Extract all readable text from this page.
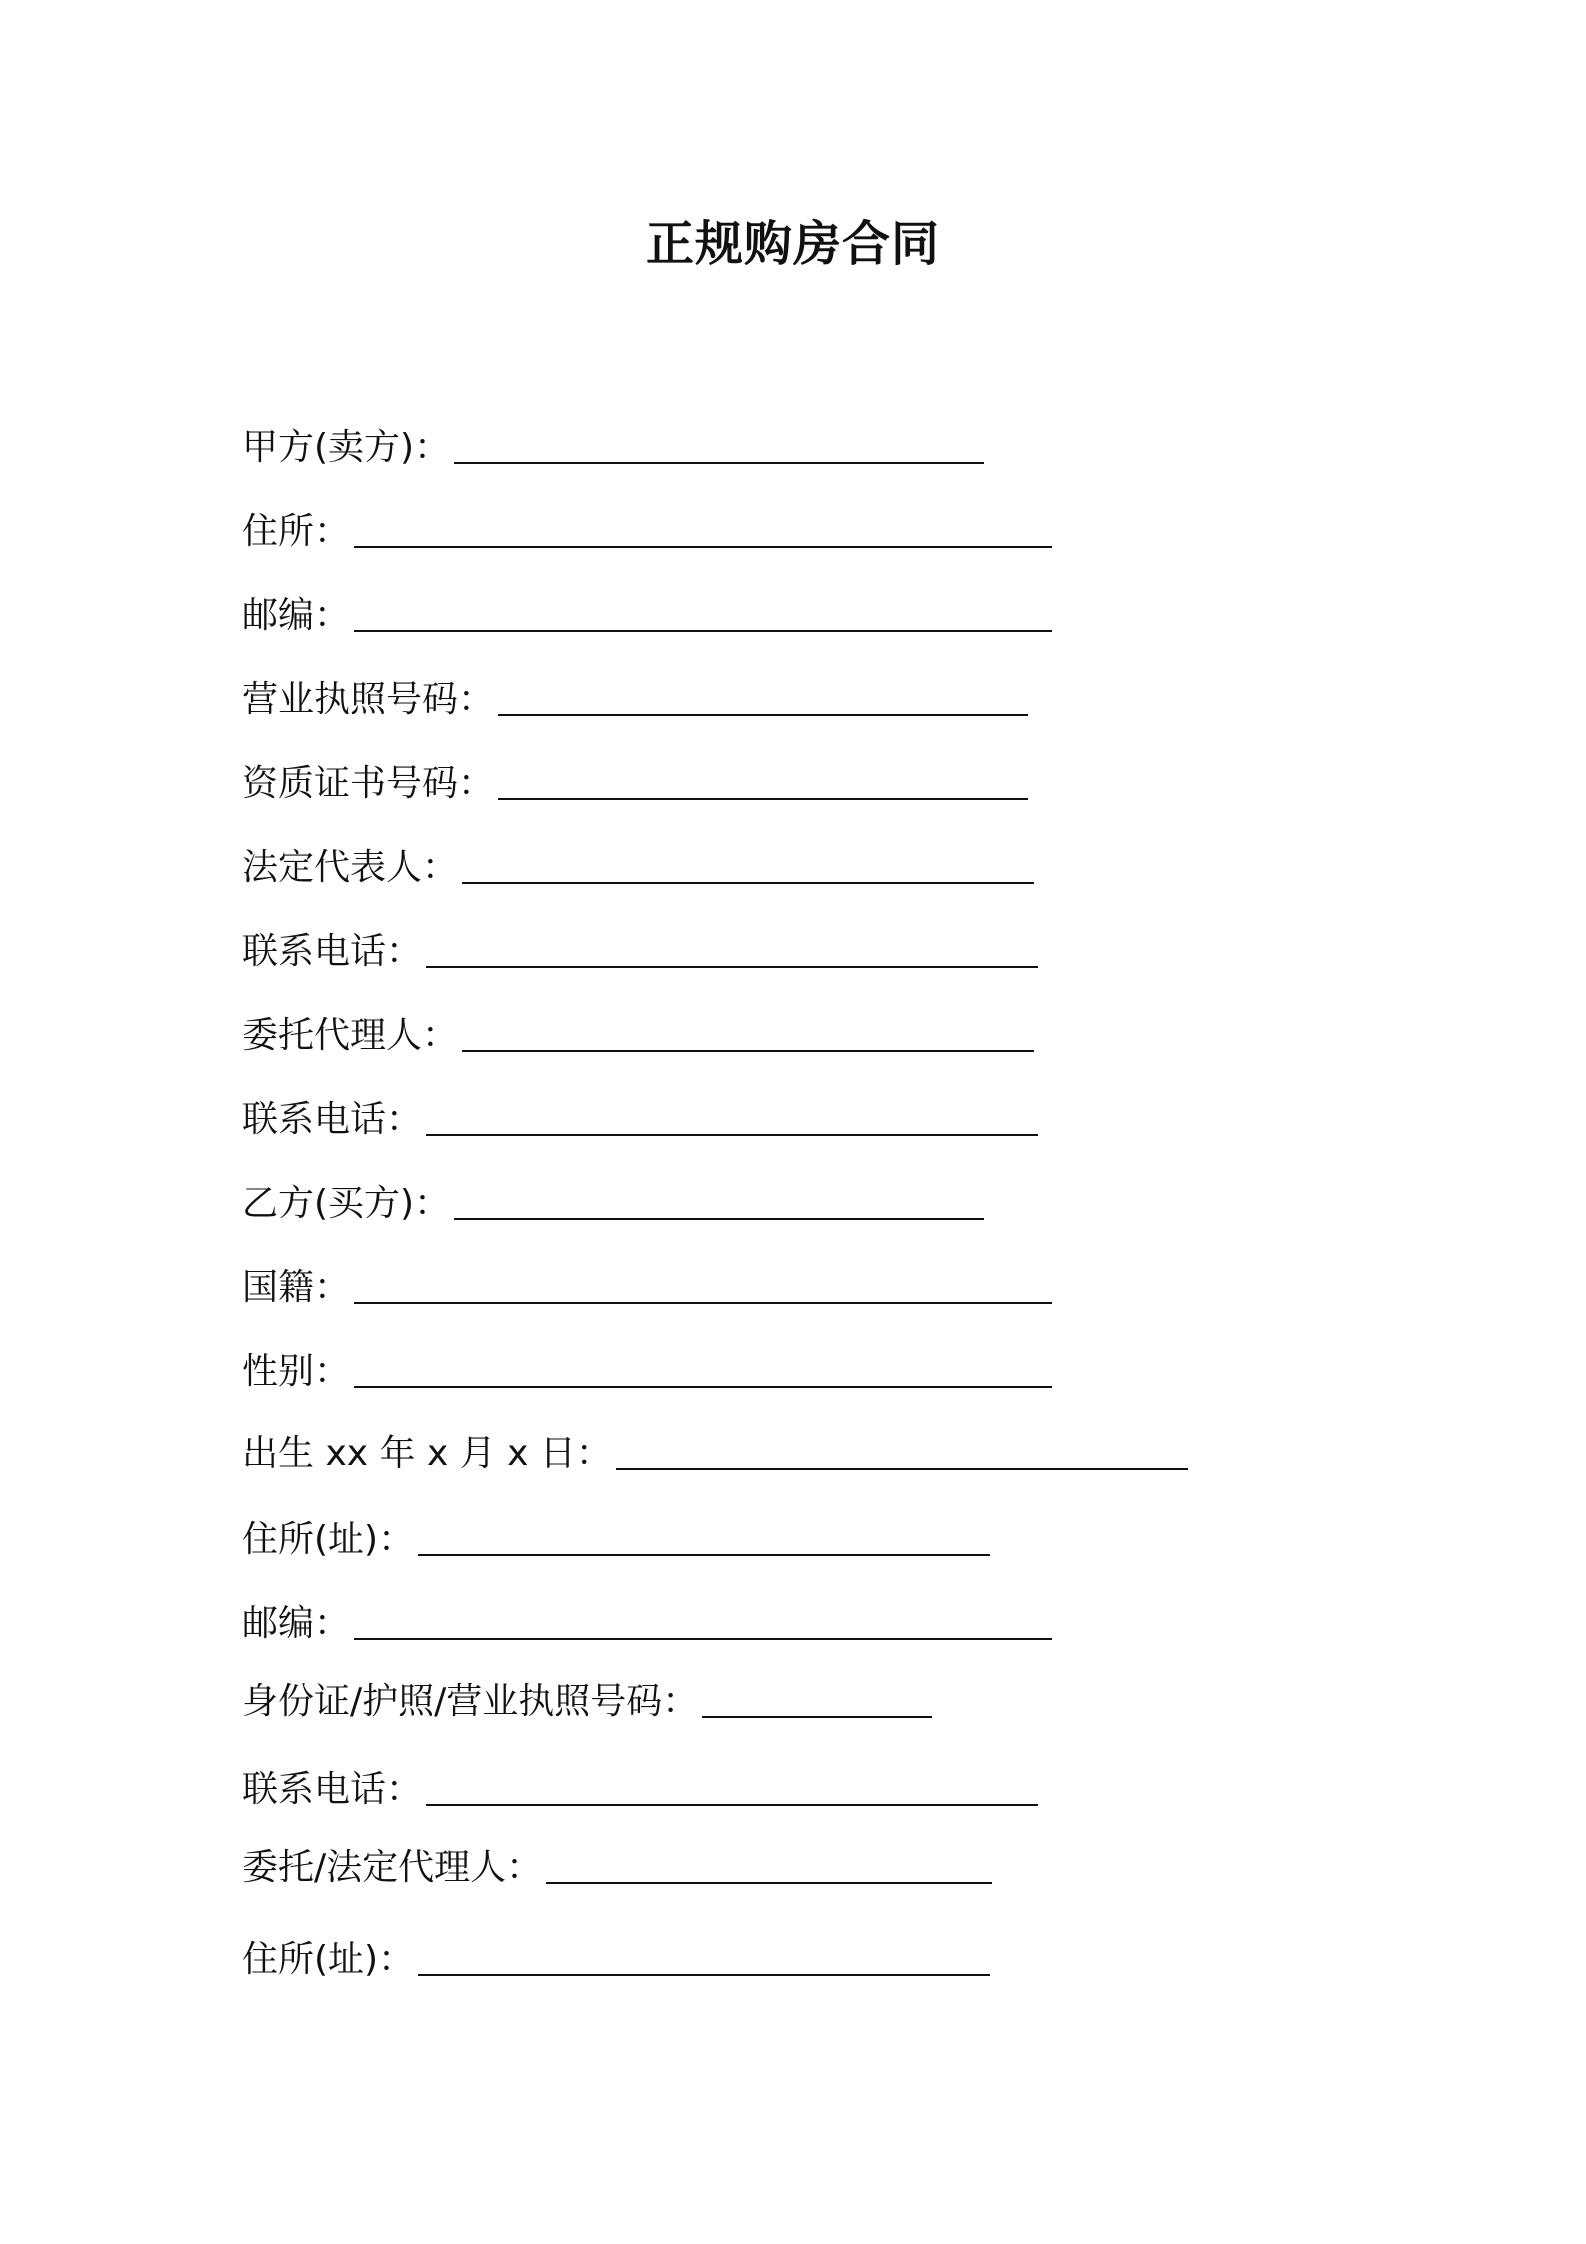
正规购房合同
甲方(卖方)：
住所：
邮编：
营业执照号码：
资质证书号码：
法定代表人：
联系电话：
委托代理人：
联系电话：
乙方(买方)：
国籍：
性别：
出生 xx 年 x 月 x 日：
住所(址)：
邮编：
身份证/护照/营业执照号码：
联系电话：
委托/法定代理人：
住所(址)：
